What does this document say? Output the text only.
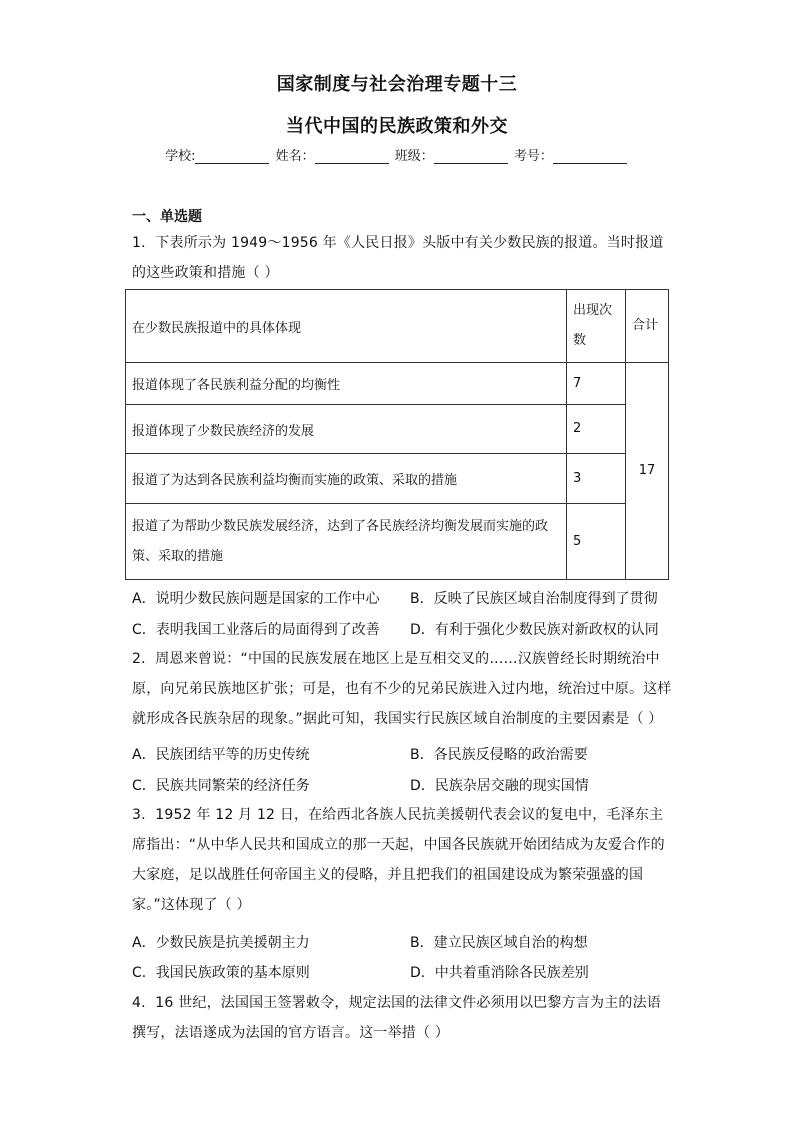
国家制度与社会治理专题十三
当代中国的民族政策和外交
学校:	姓名：	班级：	考号：
一、单选题
1．下表所示为 1949～1956 年《人民日报》头版中有关少数民族的报道。当时报道的这些政策和措施（ ）
在少数民族报道中的具体体现	出现次数	合计
报道体现了各民族利益分配的均衡性	7	17
报道体现了少数民族经济的发展	2	
报道了为达到各民族利益均衡而实施的政策、采取的措施	3	
报道了为帮助少数民族发展经济，达到了各民族经济均衡发展而实施的政策、采取的措施	5	
A．说明少数民族问题是国家的工作中心 B．反映了民族区域自治制度得到了贯彻
C．表明我国工业落后的局面得到了改善 D．有利于强化少数民族对新政权的认同
2．周恩来曾说：“中国的民族发展在地区上是互相交叉的……汉族曾经长时期统治中原，向兄弟民族地区扩张；可是，也有不少的兄弟民族进入过内地，统治过中原。这样就形成各民族杂居的现象。”据此可知，我国实行民族区域自治制度的主要因素是（ ）
A．民族团结平等的历史传统	B．各民族反侵略的政治需要
C．民族共同繁荣的经济任务	D．民族杂居交融的现实国情
3．1952 年 12 月 12 日，在给西北各族人民抗美援朝代表会议的复电中，毛泽东主席指出：“从中华人民共和国成立的那一天起，中国各民族就开始团结成为友爱合作的大家庭，足以战胜任何帝国主义的侵略，并且把我们的祖国建设成为繁荣强盛的国家。”这体现了（ ）
A．少数民族是抗美援朝主力	B．建立民族区域自治的构想
C．我国民族政策的基本原则	D．中共着重消除各民族差别
4．16 世纪，法国国王签署敕令，规定法国的法律文件必须用以巴黎方言为主的法语撰写，法语遂成为法国的官方语言。这一举措（ ）
